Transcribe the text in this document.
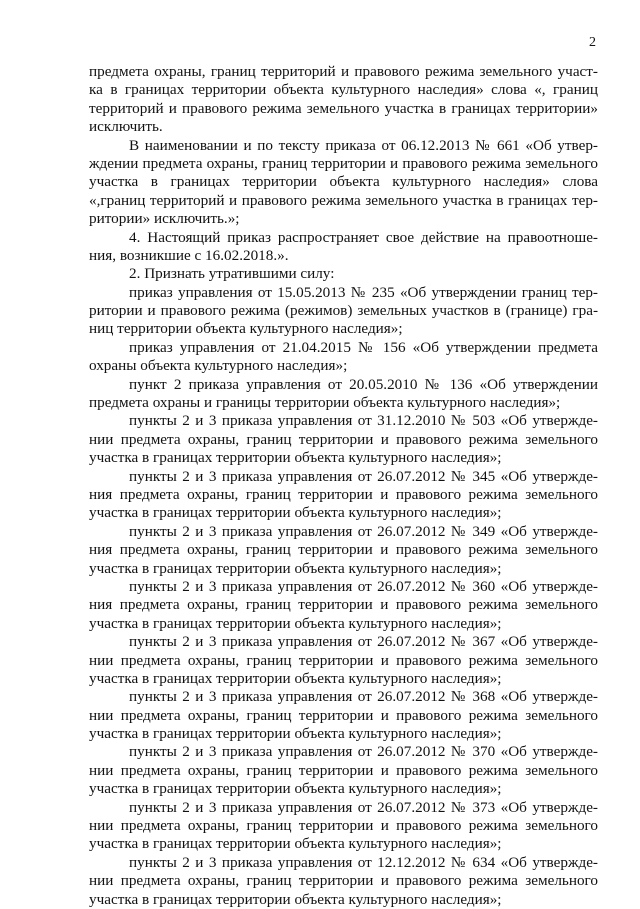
2
предмета охраны, границ территорий и правового режима земельного участ-
ка в границах территории объекта культурного наследия» слова «, границ
территорий и правового режима земельного участка в границах территории»
исключить.
В наименовании и по тексту приказа от 06.12.2013 № 661 «Об утвер-
ждении предмета охраны, границ территории и правового режима земельного
участка в границах территории объекта культурного наследия» слова
«,границ территорий и правового режима земельного участка в границах тер-
ритории» исключить.»;
4. Настоящий приказ распространяет свое действие на правоотноше-
ния, возникшие с 16.02.2018.».
2. Признать утратившими силу:
приказ управления от 15.05.2013 № 235 «Об утверждении границ тер-
ритории и правового режима (режимов) земельных участков в (границе) гра-
ниц территории объекта культурного наследия»;
приказ управления от 21.04.2015 № 156 «Об утверждении предмета
охраны объекта культурного наследия»;
пункт 2 приказа управления от 20.05.2010 № 136 «Об утверждении
предмета охраны и границы территории объекта культурного наследия»;
пункты 2 и 3 приказа управления от 31.12.2010 № 503 «Об утвержде-
нии предмета охраны, границ территории и правового режима земельного
участка в границах территории объекта культурного наследия»;
пункты 2 и 3 приказа управления от 26.07.2012 № 345 «Об утвержде-
ния предмета охраны, границ территории и правового режима земельного
участка в границах территории объекта культурного наследия»;
пункты 2 и 3 приказа управления от 26.07.2012 № 349 «Об утвержде-
ния предмета охраны, границ территории и правового режима земельного
участка в границах территории объекта культурного наследия»;
пункты 2 и 3 приказа управления от 26.07.2012 № 360 «Об утвержде-
ния предмета охраны, границ территории и правового режима земельного
участка в границах территории объекта культурного наследия»;
пункты 2 и 3 приказа управления от 26.07.2012 № 367 «Об утвержде-
нии предмета охраны, границ территории и правового режима земельного
участка в границах территории объекта культурного наследия»;
пункты 2 и 3 приказа управления от 26.07.2012 № 368 «Об утвержде-
нии предмета охраны, границ территории и правового режима земельного
участка в границах территории объекта культурного наследия»;
пункты 2 и 3 приказа управления от 26.07.2012 № 370 «Об утвержде-
нии предмета охраны, границ территории и правового режима земельного
участка в границах территории объекта культурного наследия»;
пункты 2 и 3 приказа управления от 26.07.2012 № 373 «Об утвержде-
нии предмета охраны, границ территории и правового режима земельного
участка в границах территории объекта культурного наследия»;
пункты 2 и 3 приказа управления от 12.12.2012 № 634 «Об утвержде-
нии предмета охраны, границ территории и правового режима земельного
участка в границах территории объекта культурного наследия»;
